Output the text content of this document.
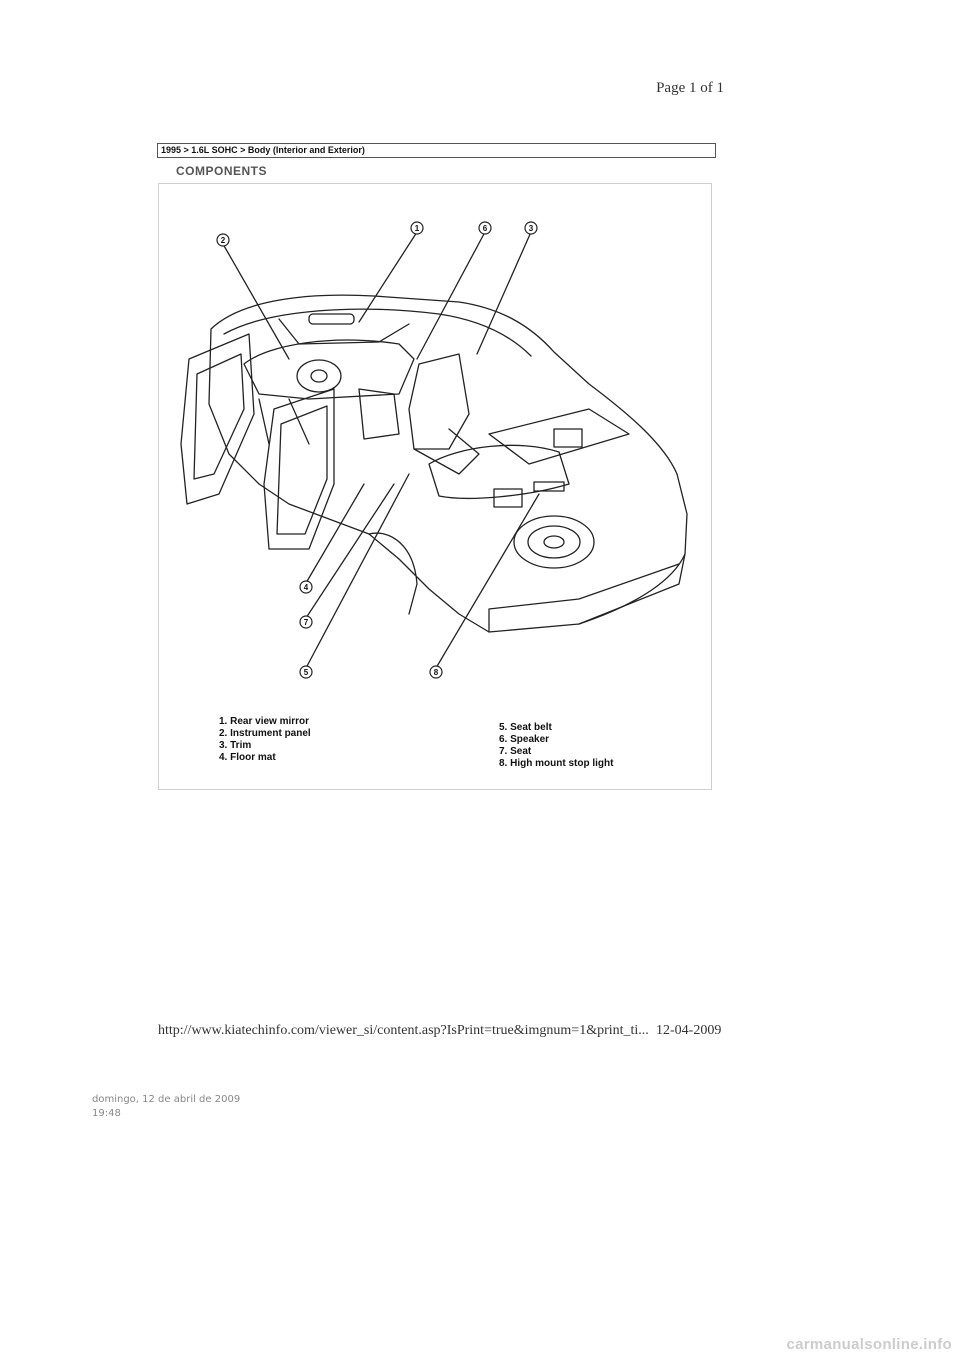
Page 1 of 1
1995 > 1.6L SOHC > Body (Interior and Exterior)
COMPONENTS
2
1	6	3
4
7
5	8
1. Rear view mirror
2. Instrument panel
3. Trim
4. Floor mat
5. Seat belt
6. Speaker
7. Seat
8. High mount stop light
http://www.kiatechinfo.com/viewer_si/content.asp?IsPrint=true&imgnum=1&print_ti... 12-04-2009
domingo, 12 de abril de 2009
19:48
carmanualsonline.info
